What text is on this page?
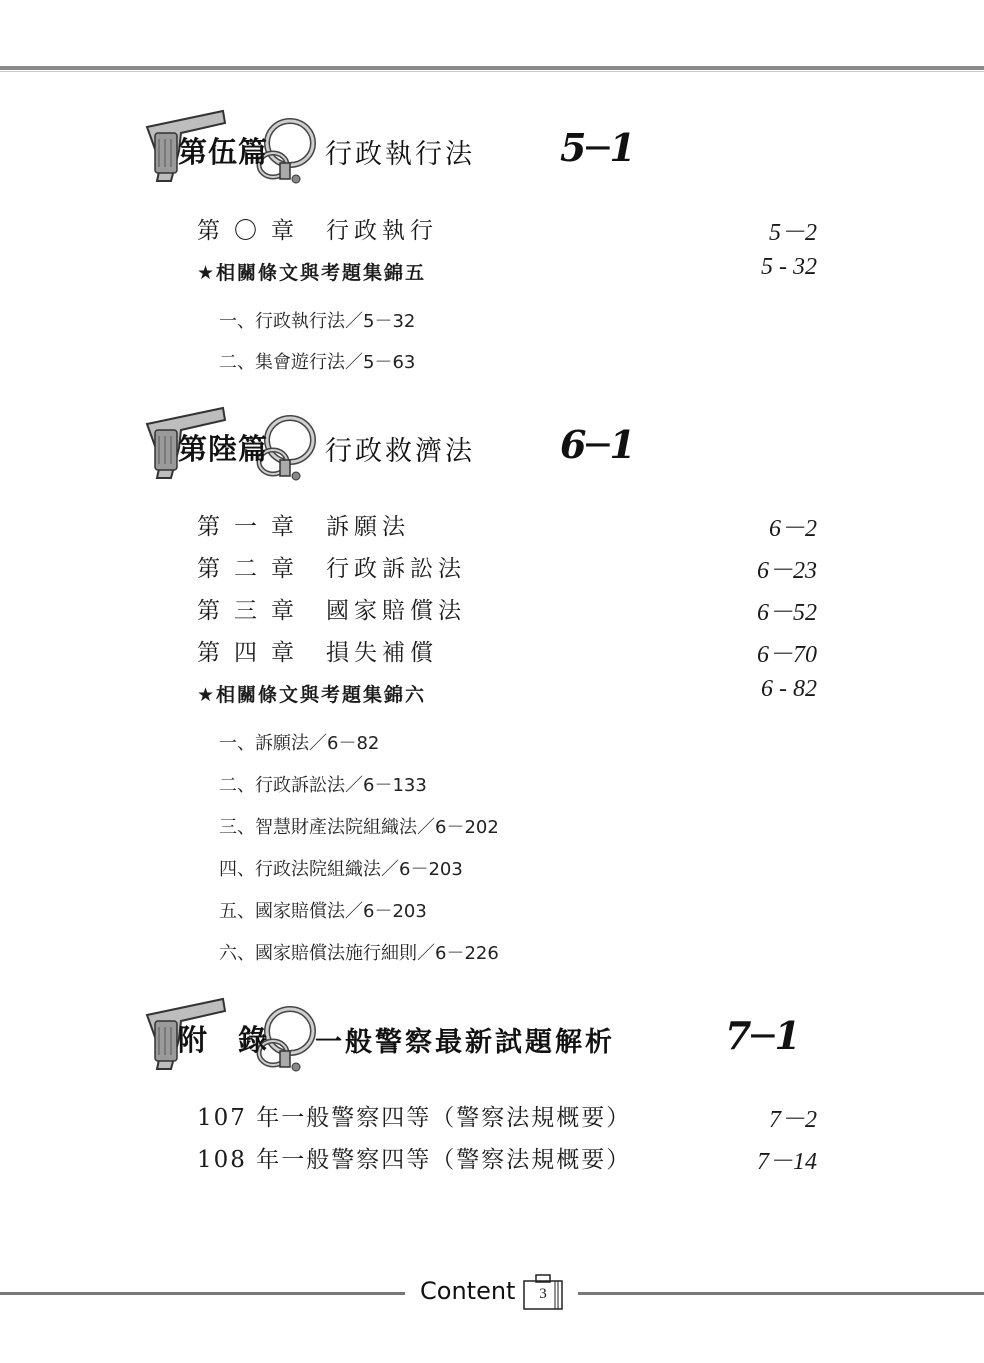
第伍篇 行政執行法 5─1
第〇章 行政執行	5－2
★相關條文與考題集錦五	5 - 32
一、行政執行法／5－32
二、集會遊行法／5－63
第陸篇 行政救濟法 6─1
第一章 訴願法	6－2
第二章 行政訴訟法	6－23
第三章 國家賠償法	6－52
第四章 損失補償	6－70
★相關條文與考題集錦六	6 - 82
一、訴願法／6－82
二、行政訴訟法／6－133
三、智慧財產法院組織法／6－202
四、行政法院組織法／6－203
五、國家賠償法／6－203
六、國家賠償法施行細則／6－226
附　錄 一般警察最新試題解析	7─1
107 年一般警察四等（警察法規概要）	7－2
108 年一般警察四等（警察法規概要）	7－14
Content	3
